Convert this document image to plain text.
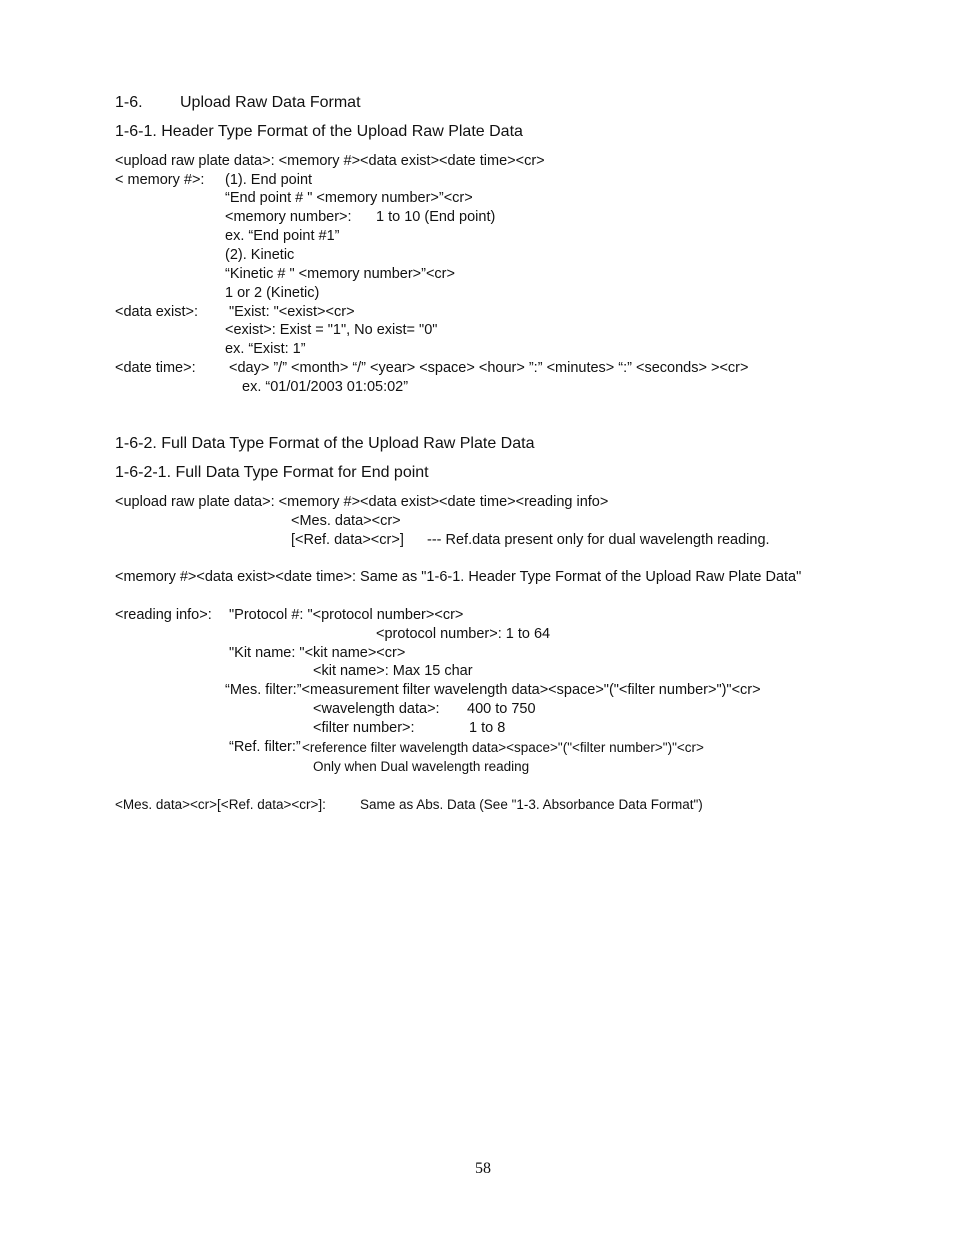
1-6. Upload Raw Data Format
1-6-1. Header Type Format of the Upload Raw Plate Data
<upload raw plate data>: <memory #><data exist><date time><cr>
< memory #>: (1). End point
“End point # " <memory number>”<cr>
<memory number>: 1 to 10 (End point)
ex. “End point #1”
(2). Kinetic
“Kinetic # " <memory number>”<cr>
1 or 2 (Kinetic)
<data exist>: "Exist: "<exist><cr>
<exist>: Exist = "1", No exist= "0"
ex. “Exist: 1”
<date time>: <day> ”/” <month> “/” <year> <space> <hour> ”:” <minutes> “:” <seconds> ><cr>
ex. “01/01/2003 01:05:02”
1-6-2. Full Data Type Format of the Upload Raw Plate Data
1-6-2-1. Full Data Type Format for End point
<upload raw plate data>: <memory #><data exist><date time><reading info>
<Mes. data><cr>
[<Ref. data><cr>] --- Ref.data present only for dual wavelength reading.
<memory #><data exist><date time>: Same as "1-6-1. Header Type Format of the Upload Raw Plate Data"
<reading info>: "Protocol #: "<protocol number><cr>
<protocol number>: 1 to 64
"Kit name: "<kit name><cr>
<kit name>: Max 15 char
“Mes. filter:”<measurement filter wavelength data><space>"("<filter number>")"<cr>
<wavelength data>: 400 to 750
<filter number>:	1 to 8
“Ref. filter:” <reference filter wavelength data><space>"("<filter number>")"<cr>
Only when Dual wavelength reading
<Mes. data><cr>[<Ref. data><cr>]:	Same as Abs. Data (See "1-3. Absorbance Data Format")
58
